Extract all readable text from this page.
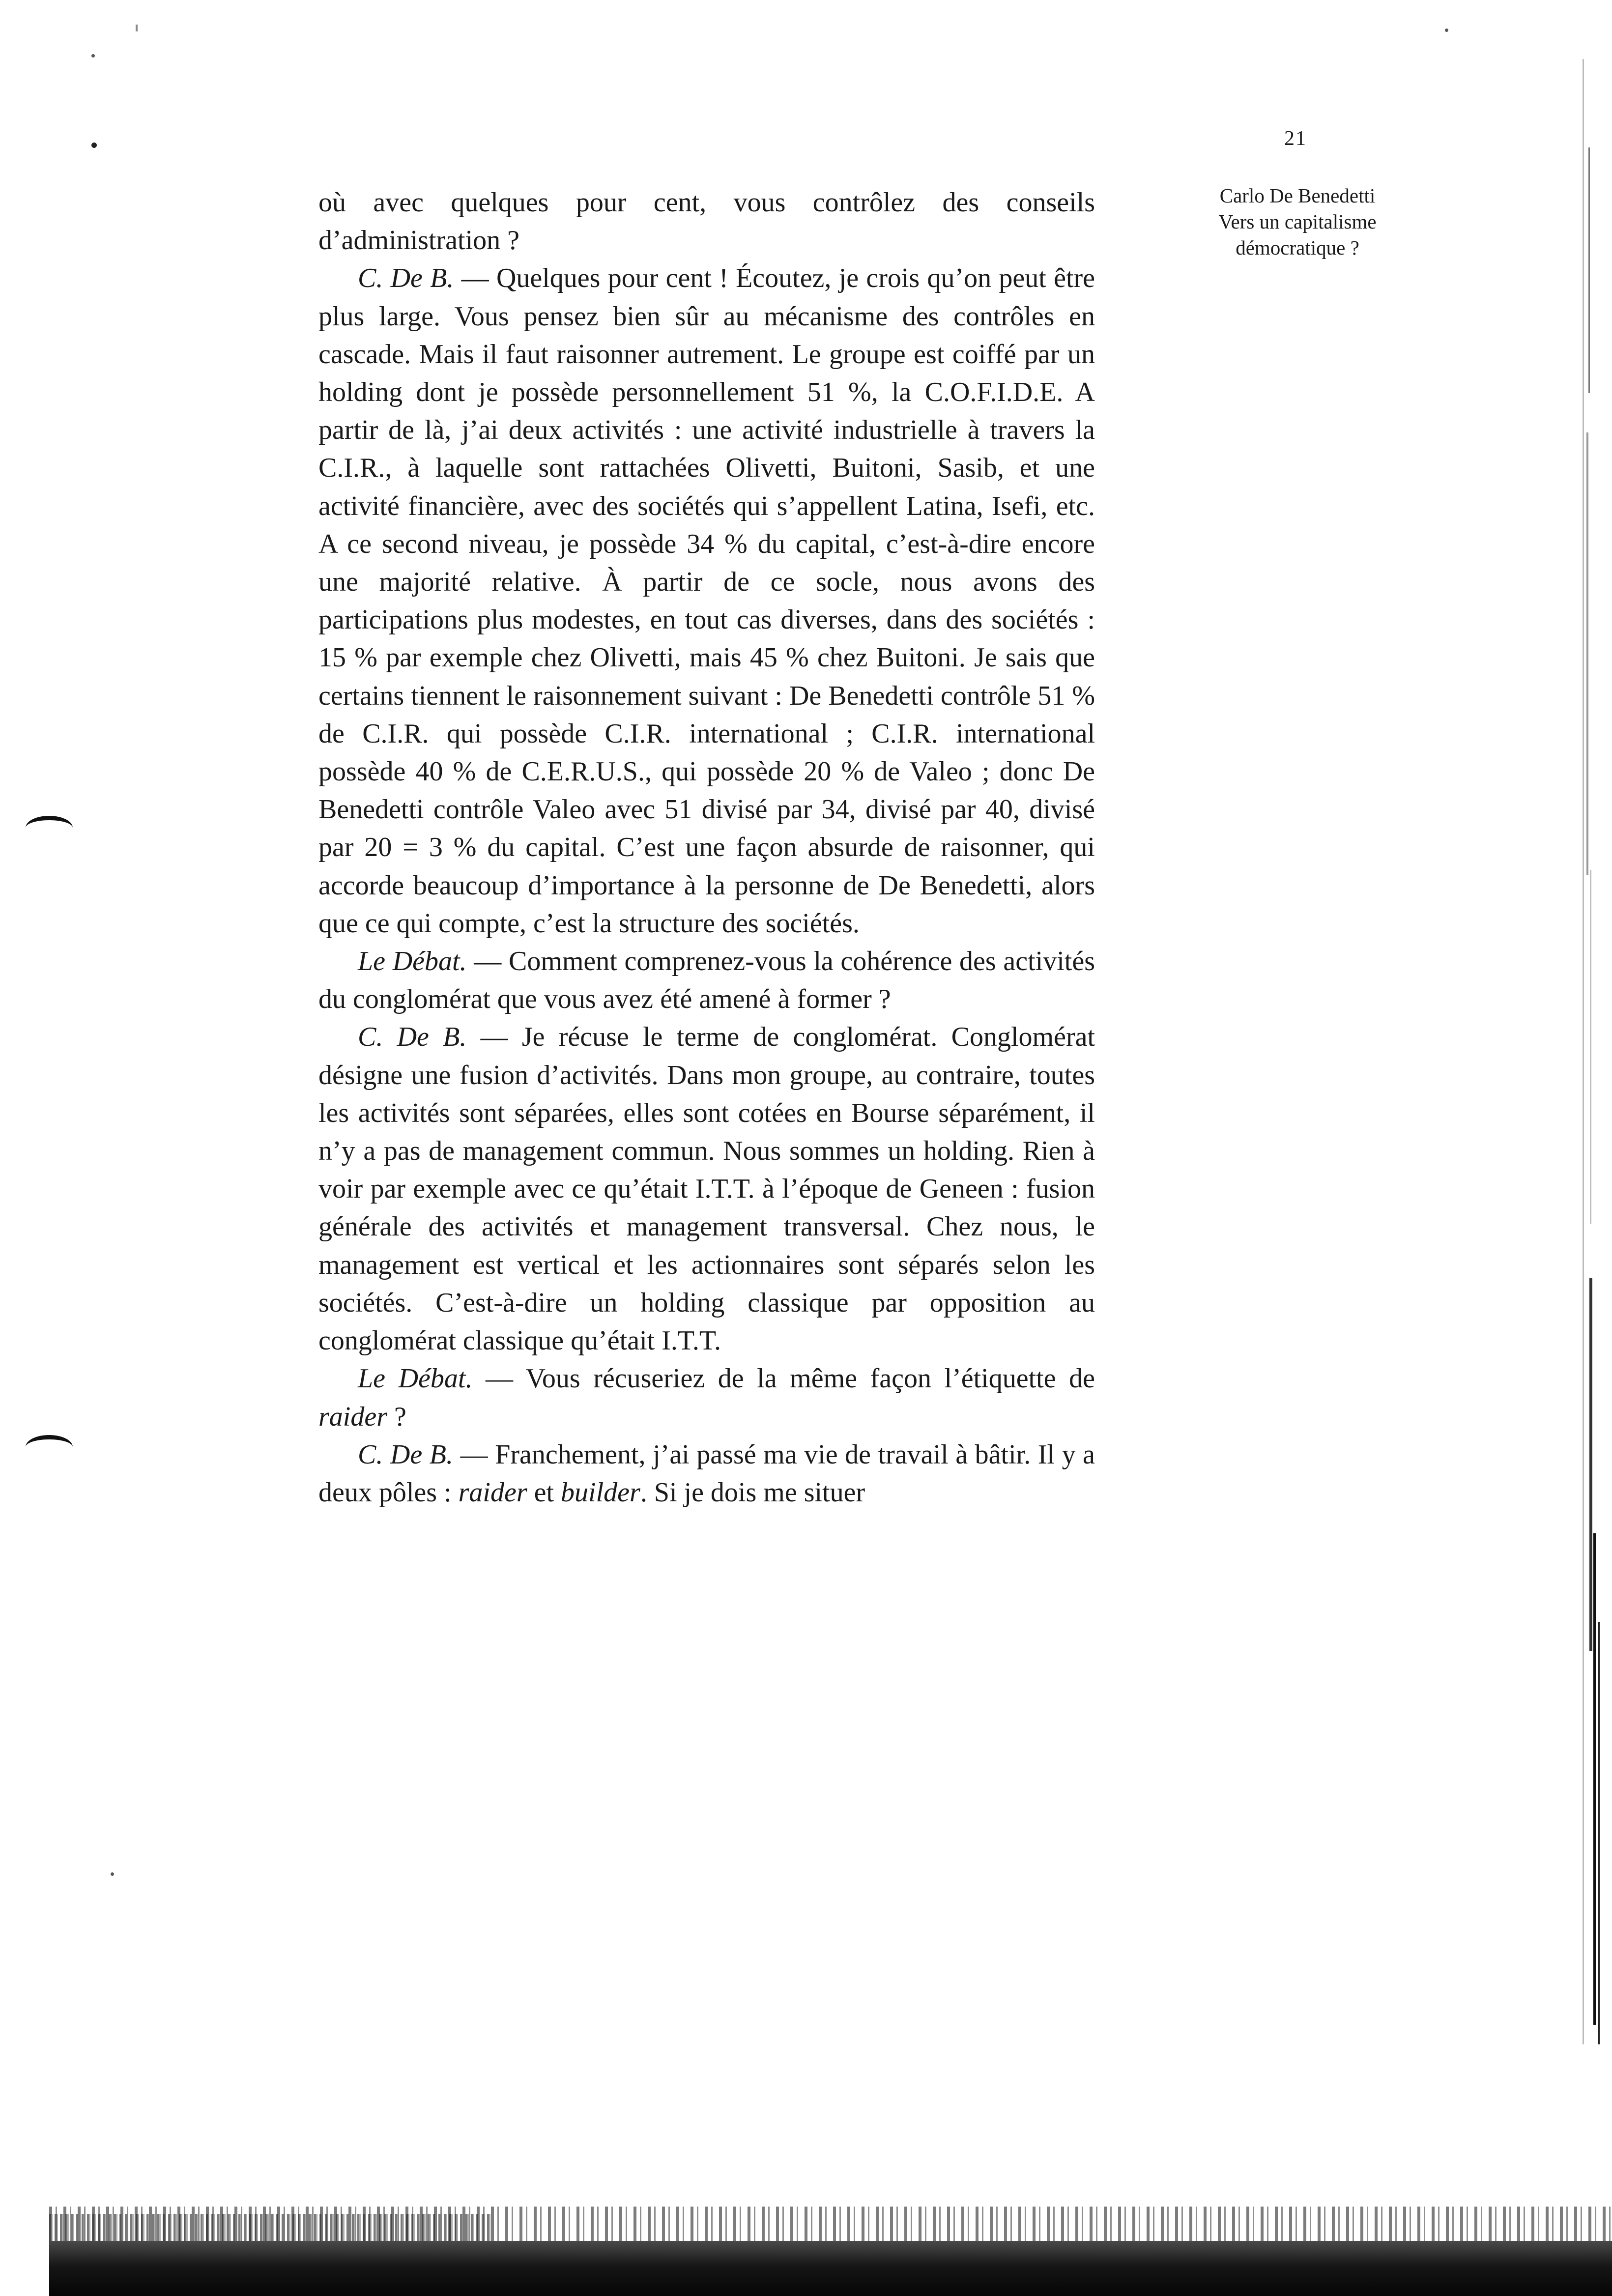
21
Carlo De Benedetti
Vers un capitalisme
démocratique ?

où avec quelques pour cent, vous contrôlez des conseils d’administration ?

C. De B. — Quelques pour cent ! Écoutez, je crois qu’on peut être plus large. Vous pensez bien sûr au mécanisme des contrôles en cascade. Mais il faut raisonner autrement. Le groupe est coiffé par un holding dont je possède personnellement 51 %, la C.O.F.I.D.E. A partir de là, j’ai deux activités : une activité industrielle à travers la C.I.R., à laquelle sont rattachées Olivetti, Buitoni, Sasib, et une activité financière, avec des sociétés qui s’appellent Latina, Isefi, etc. A ce second niveau, je possède 34 % du capital, c’est-à-dire encore une majorité relative. À partir de ce socle, nous avons des participations plus modestes, en tout cas diverses, dans des sociétés : 15 % par exemple chez Olivetti, mais 45 % chez Buitoni. Je sais que certains tiennent le raisonnement suivant : De Benedetti contrôle 51 % de C.I.R. qui possède C.I.R. international ; C.I.R. international possède 40 % de C.E.R.U.S., qui possède 20 % de Valeo ; donc De Benedetti contrôle Valeo avec 51 divisé par 34, divisé par 40, divisé par 20 = 3 % du capital. C’est une façon absurde de raisonner, qui accorde beaucoup d’importance à la personne de De Benedetti, alors que ce qui compte, c’est la structure des sociétés.

Le Débat. — Comment comprenez-vous la cohérence des activités du conglomérat que vous avez été amené à former ?

C. De B. — Je récuse le terme de conglomérat. Conglomérat désigne une fusion d’activités. Dans mon groupe, au contraire, toutes les activités sont séparées, elles sont cotées en Bourse séparément, il n’y a pas de management commun. Nous sommes un holding. Rien à voir par exemple avec ce qu’était I.T.T. à l’époque de Geneen : fusion générale des activités et management transversal. Chez nous, le management est vertical et les actionnaires sont séparés selon les sociétés. C’est-à-dire un holding classique par opposition au conglomérat classique qu’était I.T.T.

Le Débat. — Vous récuseriez de la même façon l’étiquette de raider ?

C. De B. — Franchement, j’ai passé ma vie de travail à bâtir. Il y a deux pôles : raider et builder. Si je dois me situer
